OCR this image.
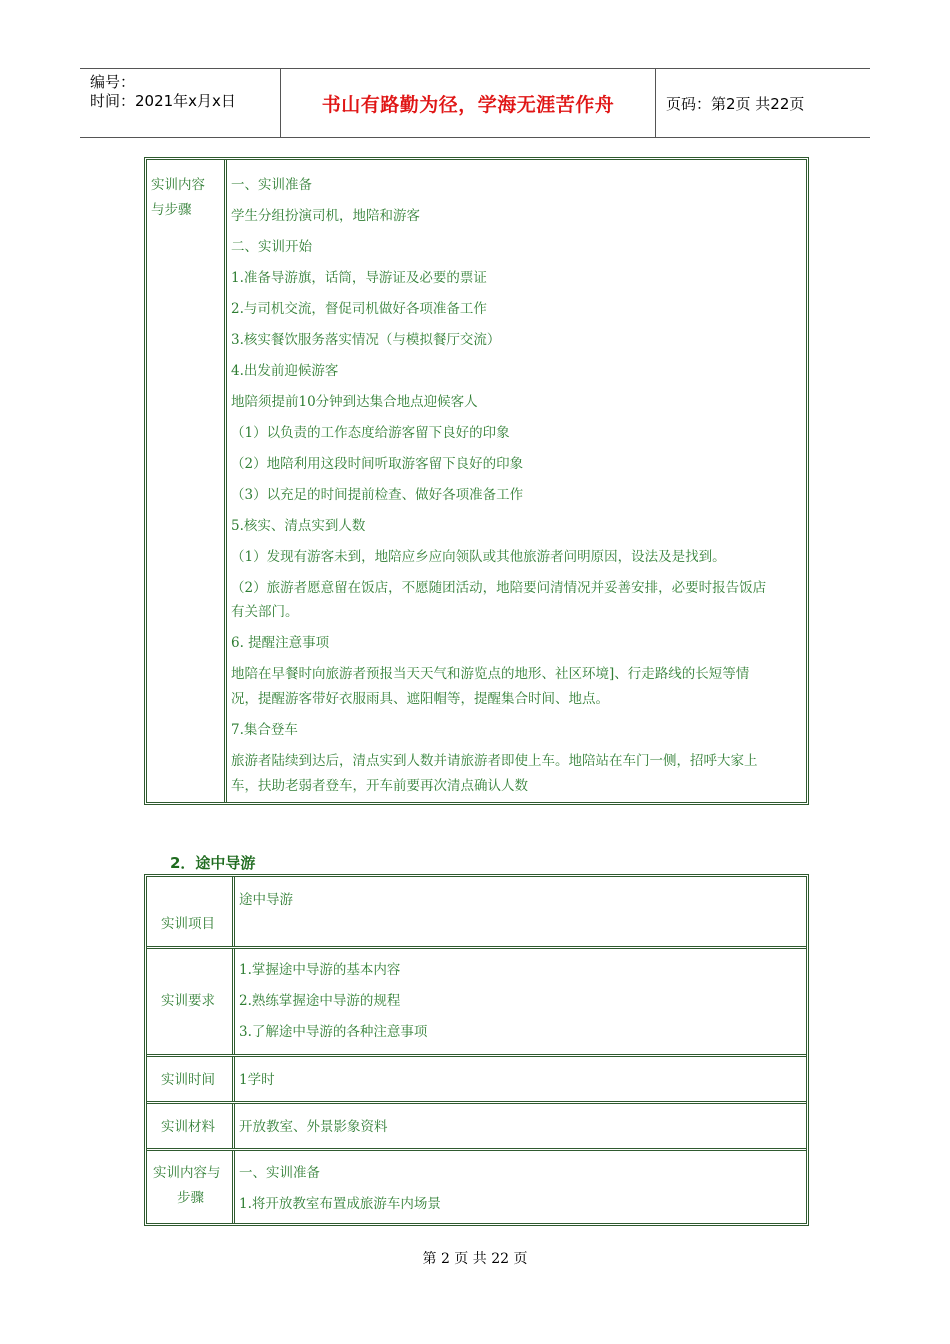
编号：
时间：2021年x月x日	书山有路勤为径，学海无涯苦作舟	页码：第2页 共22页
实训内容
与步骤
一、实训准备
学生分组扮演司机，地陪和游客
二、实训开始
1.准备导游旗，话筒，导游证及必要的票证
2.与司机交流，督促司机做好各项准备工作
3.核实餐饮服务落实情况（与模拟餐厅交流）
4.出发前迎候游客
地陪须提前10分钟到达集合地点迎候客人
（1）以负责的工作态度给游客留下良好的印象
（2）地陪利用这段时间听取游客留下良好的印象
（3）以充足的时间提前检查、做好各项准备工作
5.核实、清点实到人数
（1）发现有游客未到，地陪应乡应向领队或其他旅游者问明原因，设法及是找到。
（2）旅游者愿意留在饭店，不愿随团活动，地陪要问清情况并妥善安排，必要时报告饭店
有关部门。
6. 提醒注意事项
地陪在早餐时向旅游者预报当天天气和游览点的地形、社区环境]、行走路线的长短等情
况，提醒游客带好衣服雨具、遮阳帽等，提醒集合时间、地点。
7.集合登车
旅游者陆续到达后，清点实到人数并请旅游者即使上车。地陪站在车门一侧，招呼大家上
车，扶助老弱者登车，开车前要再次清点确认人数
2．途中导游
实训项目
途中导游
实训要求
1.掌握途中导游的基本内容
2.熟练掌握途中导游的规程
3.了解途中导游的各种注意事项
实训时间 1学时
实训材料 开放教室、外景影象资料
实训内容与
步骤
一、实训准备
1.将开放教室布置成旅游车内场景
第 2 页 共 22 页
